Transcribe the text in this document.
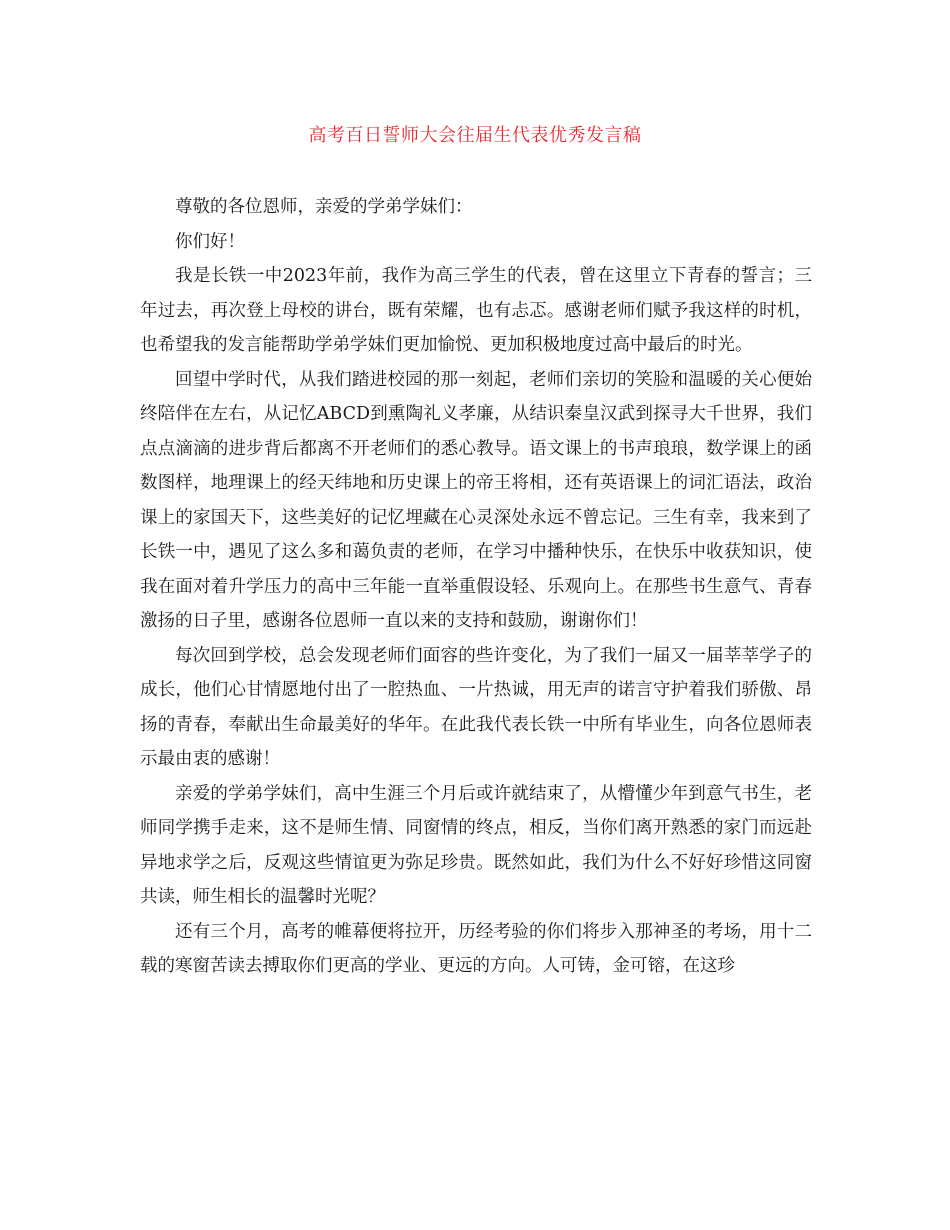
高考百日誓师大会往届生代表优秀发言稿

尊敬的各位恩师，亲爱的学弟学妹们：

你们好！

我是长铁一中2023年前，我作为高三学生的代表，曾在这里立下青春的誓言；三年过去，再次登上母校的讲台，既有荣耀，也有忐忑。感谢老师们赋予我这样的时机，也希望我的发言能帮助学弟学妹们更加愉悦、更加积极地度过高中最后的时光。

回望中学时代，从我们踏进校园的那一刻起，老师们亲切的笑脸和温暖的关心便始终陪伴在左右，从记忆ABCD到熏陶礼义孝廉，从结识秦皇汉武到探寻大千世界，我们点点滴滴的进步背后都离不开老师们的悉心教导。语文课上的书声琅琅，数学课上的函数图样，地理课上的经天纬地和历史课上的帝王将相，还有英语课上的词汇语法，政治课上的家国天下，这些美好的记忆埋藏在心灵深处永远不曾忘记。三生有幸，我来到了长铁一中，遇见了这么多和蔼负责的老师，在学习中播种快乐，在快乐中收获知识，使我在面对着升学压力的高中三年能一直举重假设轻、乐观向上。在那些书生意气、青春激扬的日子里，感谢各位恩师一直以来的支持和鼓励，谢谢你们！

每次回到学校，总会发现老师们面容的些许变化，为了我们一届又一届莘莘学子的成长，他们心甘情愿地付出了一腔热血、一片热诚，用无声的诺言守护着我们骄傲、昂扬的青春，奉献出生命最美好的华年。在此我代表长铁一中所有毕业生，向各位恩师表示最由衷的感谢！

亲爱的学弟学妹们，高中生涯三个月后或许就结束了，从懵懂少年到意气书生，老师同学携手走来，这不是师生情、同窗情的终点，相反，当你们离开熟悉的家门而远赴异地求学之后，反观这些情谊更为弥足珍贵。既然如此，我们为什么不好好珍惜这同窗共读，师生相长的温馨时光呢？

还有三个月，高考的帷幕便将拉开，历经考验的你们将步入那神圣的考场，用十二载的寒窗苦读去搏取你们更高的学业、更远的方向。人可铸，金可镕，在这珍
